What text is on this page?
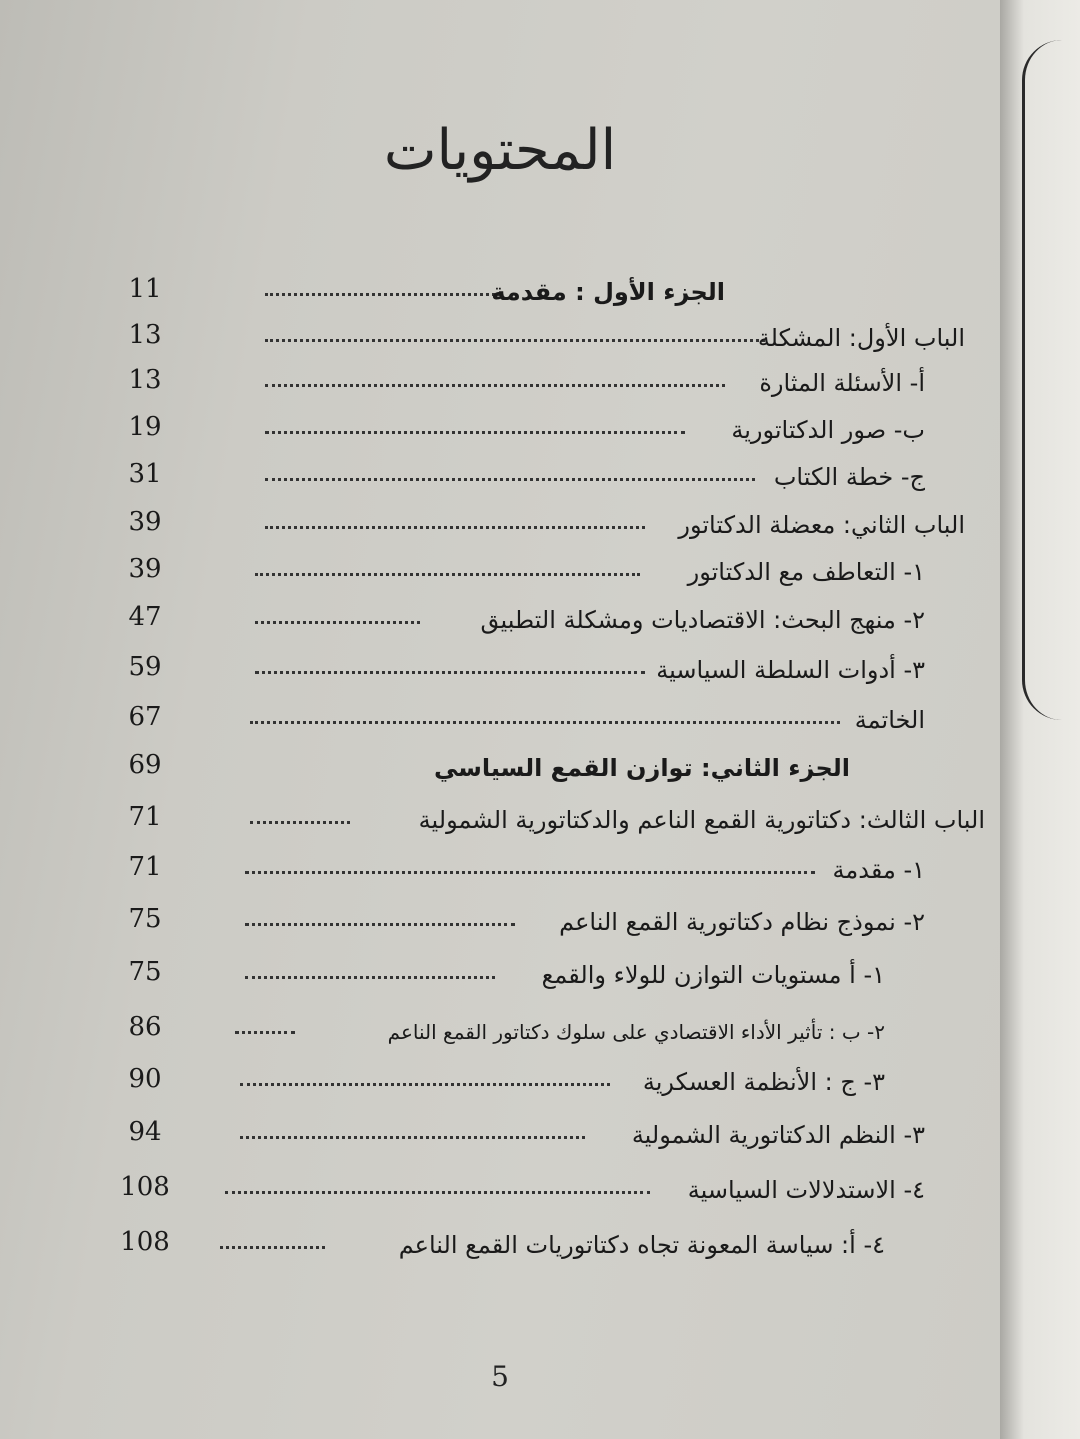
المحتويات
11	الجزء الأول : مقدمة
13	الباب الأول: المشكلة
13	أ- الأسئلة المثارة
19	ب- صور الدكتاتورية
31	ج- خطة الكتاب
39	الباب الثاني: معضلة الدكتاتور
39	١- التعاطف مع الدكتاتور
47	٢- منهج البحث: الاقتصاديات ومشكلة التطبيق
59	٣- أدوات السلطة السياسية
67	الخاتمة
69	الجزء الثاني: توازن القمع السياسي
71	الباب الثالث: دكتاتورية القمع الناعم والدكتاتورية الشمولية
71	١- مقدمة
75	٢- نموذج نظام دكتاتورية القمع الناعم
75	١- أ مستويات التوازن للولاء والقمع
86	٢- ب : تأثير الأداء الاقتصادي على سلوك دكتاتور القمع الناعم
90	٣- ج : الأنظمة العسكرية
94	٣- النظم الدكتاتورية الشمولية
108	٤- الاستدلالات السياسية
108	٤- أ: سياسة المعونة تجاه دكتاتوريات القمع الناعم
5
